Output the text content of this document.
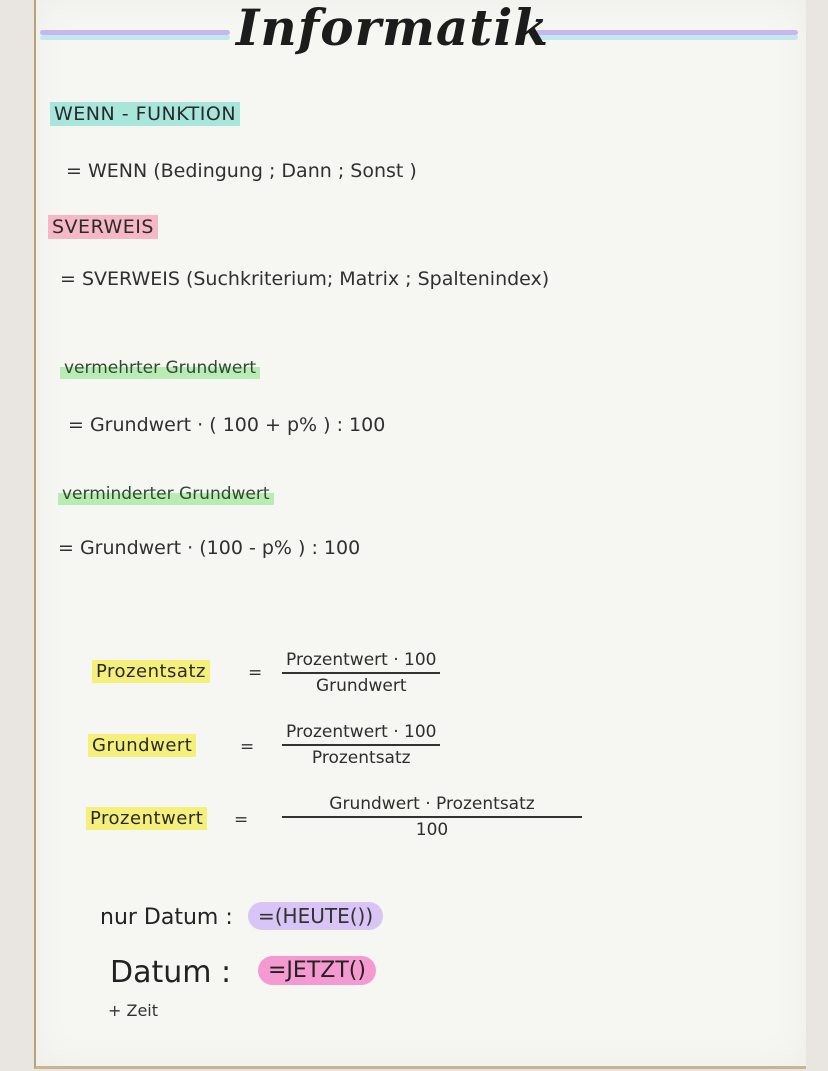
Informatik
WENN - FUNKTION
= WENN (Bedingung ; Dann ; Sonst )
SVERWEIS
= SVERWEIS (Suchkriterium; Matrix ; Spaltenindex)
vermehrter Grundwert
= Grundwert · ( 100 + p% ) : 100
verminderter Grundwert
= Grundwert · (100 - p% ) : 100
Prozentsatz =
Prozentwert · 100
Grundwert
Grundwert	=
Prozentwert · 100
Prozentsatz
Prozentwert =
Grundwert · Prozentsatz
100
nur Datum :	=(HEUTE())
Datum :
+ Zeit
=JETZT()
